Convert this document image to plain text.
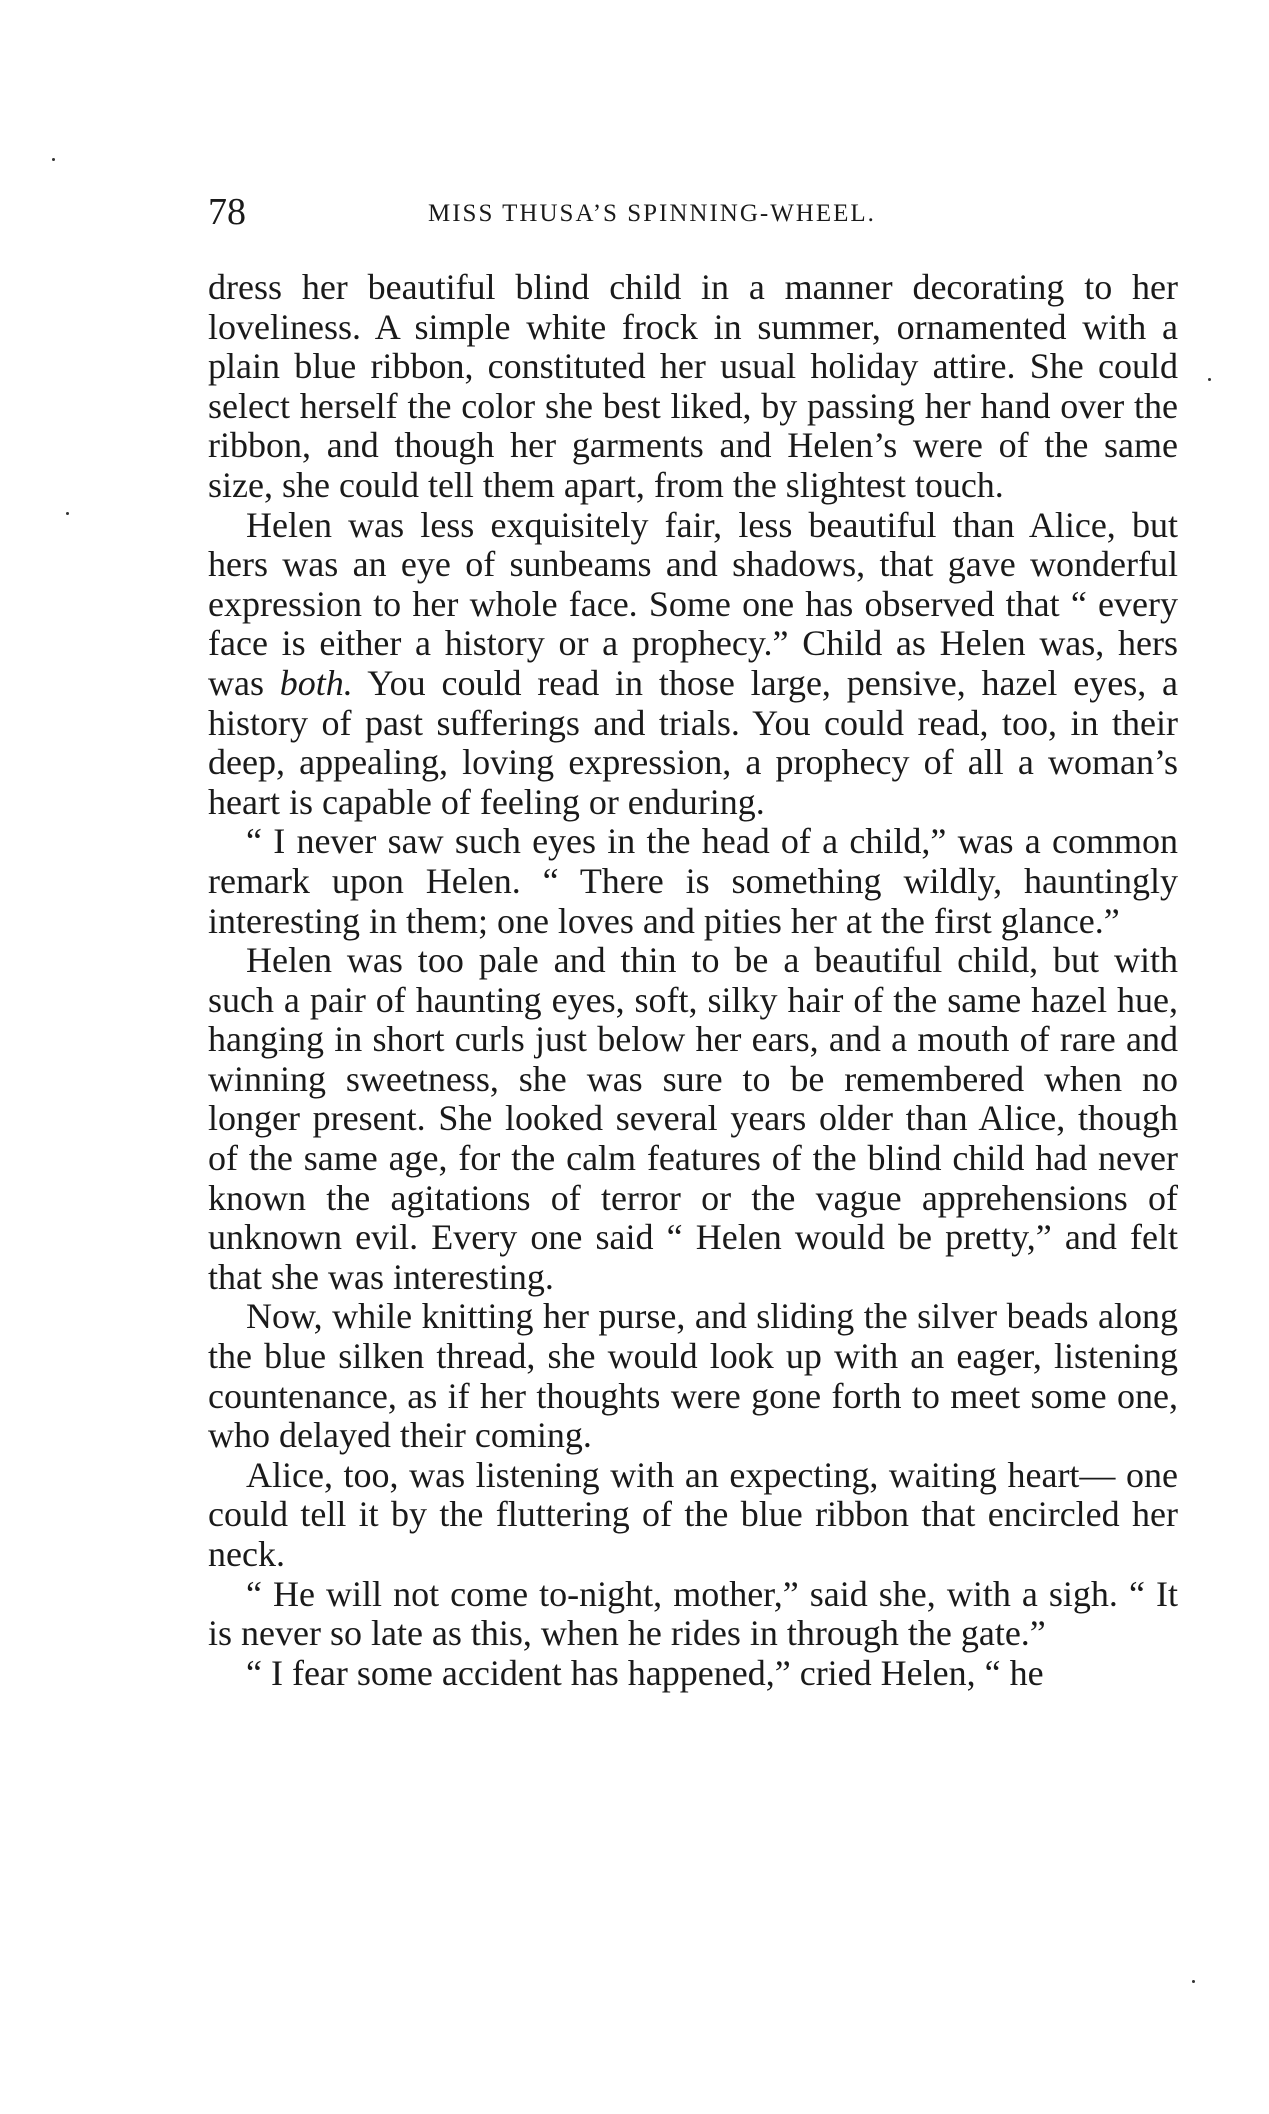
78	MISS THUSA’S SPINNING-WHEEL.

dress her beautiful blind child in a manner decorating to her loveliness. A simple white frock in summer, ornamented with a plain blue ribbon, constituted her usual holiday attire. She could select herself the color she best liked, by passing her hand over the ribbon, and though her garments and Helen’s were of the same size, she could tell them apart, from the slightest touch.

Helen was less exquisitely fair, less beautiful than Alice, but hers was an eye of sunbeams and shadows, that gave wonderful expression to her whole face. Some one has observed that “ every face is either a history or a prophecy.” Child as Helen was, hers was both. You could read in those large, pensive, hazel eyes, a history of past sufferings and trials. You could read, too, in their deep, appealing, loving expression, a prophecy of all a woman’s heart is capable of feeling or enduring.

“ I never saw such eyes in the head of a child,” was a common remark upon Helen. “ There is something wildly, hauntingly interesting in them; one loves and pities her at the first glance.”

Helen was too pale and thin to be a beautiful child, but with such a pair of haunting eyes, soft, silky hair of the same hazel hue, hanging in short curls just below her ears, and a mouth of rare and winning sweetness, she was sure to be remembered when no longer present. She looked several years older than Alice, though of the same age, for the calm features of the blind child had never known the agitations of terror or the vague apprehensions of unknown evil. Every one said “ Helen would be pretty,” and felt that she was interesting.

Now, while knitting her purse, and sliding the silver beads along the blue silken thread, she would look up with an eager, listening countenance, as if her thoughts were gone forth to meet some one, who delayed their coming.

Alice, too, was listening with an expecting, waiting heart— one could tell it by the fluttering of the blue ribbon that encircled her neck.

“ He will not come to-night, mother,” said she, with a sigh. “ It is never so late as this, when he rides in through the gate.”

“ I fear some accident has happened,” cried Helen, “ he
